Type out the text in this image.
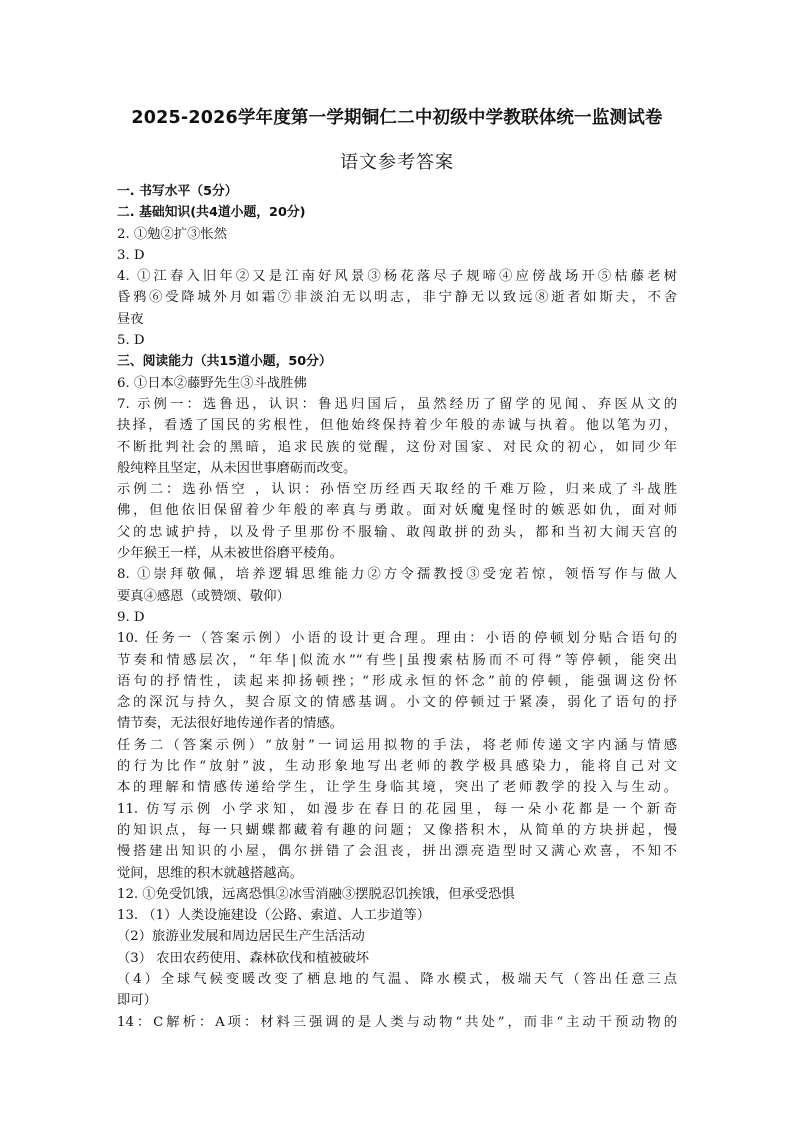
2025-2026学年度第一学期铜仁二中初级中学教联体统一监测试卷
语文参考答案
一. 书写水平（5分）
二. 基础知识(共4道小题，20分)
2. ①勉②扩③怅然
3. D
4. ①江春入旧年②又是江南好风景③杨花落尽子规啼④应傍战场开⑤枯藤老树
昏鸦⑥受降城外月如霜⑦非淡泊无以明志，非宁静无以致远⑧逝者如斯夫，不舍
昼夜
5. D
三、阅读能力（共15道小题，50分）
6. ①日本②藤野先生③斗战胜佛
7. 示例一：选鲁迅，认识：鲁迅归国后，虽然经历了留学的见闻、弃医从文的
抉择，看透了国民的劣根性，但他始终保持着少年般的赤诚与执着。他以笔为刃，
不断批判社会的黑暗，追求民族的觉醒，这份对国家、对民众的初心，如同少年
般纯粹且坚定，从未因世事磨砺而改变。
示例二：选孙悟空 ，认识：孙悟空历经西天取经的千难万险，归来成了斗战胜
佛，但他依旧保留着少年般的率真与勇敢。面对妖魔鬼怪时的嫉恶如仇，面对师
父的忠诚护持，以及骨子里那份不服输、敢闯敢拼的劲头，都和当初大闹天宫的
少年猴王一样，从未被世俗磨平棱角。
8. ①崇拜敬佩，培养逻辑思维能力②方令孺教授③受宠若惊，领悟写作与做人
要真④感恩（或赞颂、敬仰）
9. D
10. 任务一（答案示例）小语的设计更合理。理由：小语的停顿划分贴合语句的
节奏和情感层次，“年华|似流水”“有些|虽搜索枯肠而不可得”等停顿，能突出
语句的抒情性，读起来抑扬顿挫；“形成永恒的怀念”前的停顿，能强调这份怀
念的深沉与持久，契合原文的情感基调。小文的停顿过于紧凑，弱化了语句的抒
情节奏，无法很好地传递作者的情感。
任务二（答案示例）“放射”一词运用拟物的手法，将老师传递文字内涵与情感
的行为比作“放射”波，生动形象地写出老师的教学极具感染力，能将自己对文
本的理解和情感传递给学生，让学生身临其境，突出了老师教学的投入与生动。
11. 仿写示例 小学求知，如漫步在春日的花园里，每一朵小花都是一个新奇
的知识点，每一只蝴蝶都藏着有趣的问题；又像搭积木，从简单的方块拼起，慢
慢搭建出知识的小屋，偶尔拼错了会沮丧，拼出漂亮造型时又满心欢喜，不知不
觉间，思维的积木就越搭越高。
12. ①免受饥饿，远离恐惧②冰雪消融③摆脱忍饥挨饿，但承受恐惧
13. （1）人类设施建设（公路、索道、人工步道等）
（2）旅游业发展和周边居民生产生活活动
（3） 农田农药使用、森林砍伐和植被破坏
（4）全球气候变暖改变了栖息地的气温、降水模式，极端天气（答出任意三点
即可）
14：C解析：A项：材料三强调的是人类与动物“共处”，而非“主动干预动物的
